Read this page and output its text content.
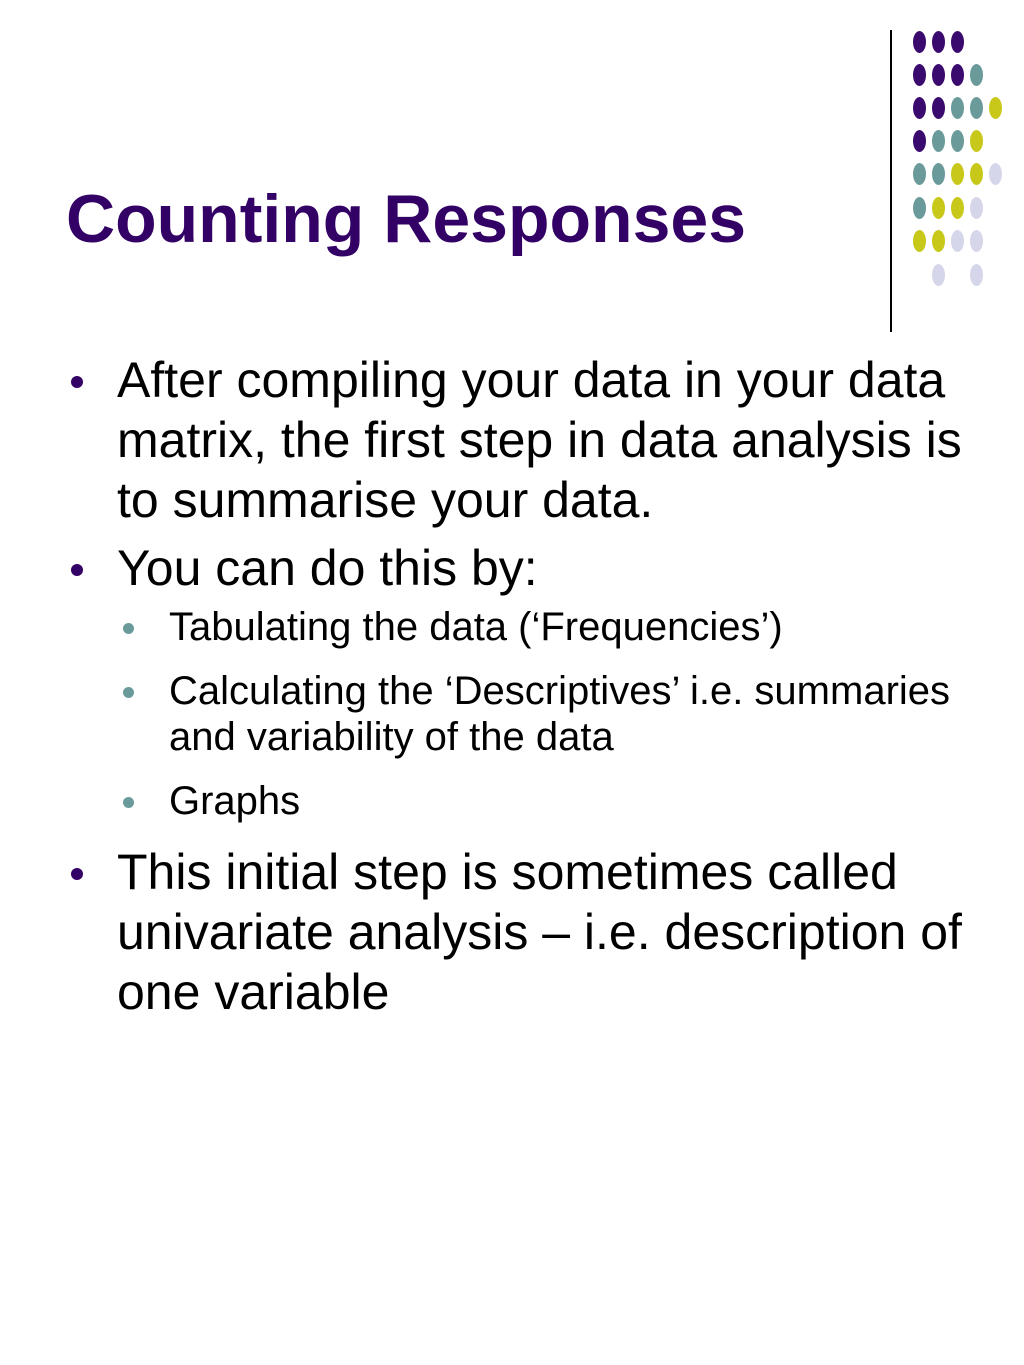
Counting Responses
After compiling your data in your data matrix, the first step in data analysis is to summarise your data.
You can do this by:
Tabulating the data (‘Frequencies’)
Calculating the ‘Descriptives’ i.e. summaries and variability of the data
Graphs
This initial step is sometimes called univariate analysis – i.e. description of one variable
